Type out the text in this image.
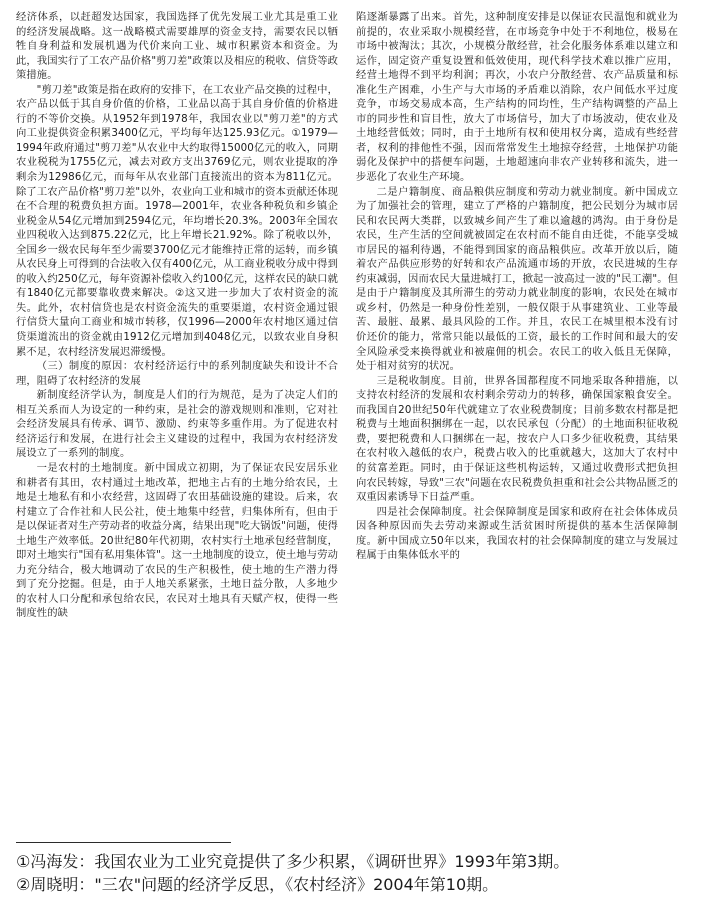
经济体系，以赶超发达国家，我国选择了优先发展工业尤其是重工业的经济发展战略。这一战略模式需要雄厚的资金支持，需要农民以牺牲自身利益和发展机遇为代价来向工业、城市积累资本和资金。为此，我国实行了工农产品价格"剪刀差"政策以及相应的税收、信贷等政策措施。

"剪刀差"政策是指在政府的安排下，在工农业产品交换的过程中，农产品以低于其自身价值的价格，工业品以高于其自身价值的价格进行的不等价交换。从1952年到1978年，我国农业以"剪刀差"的方式向工业提供资金积累3400亿元，平均每年达125.93亿元。①1979—1994年政府通过"剪刀差"从农业中大约取得15000亿元的收入，同期农业税税为1755亿元，减去对政方支出3769亿元，则农业提取的净剩余为12986亿元，而每年从农业部门直接流出的资本为811亿元。除了工农产品价格"剪刀差"以外，农业向工业和城市的资本贡献还体现在不合理的税费负担方面。1978—2001年，农业各种税负和乡镇企业税金从54亿元增加到2594亿元，年均增长20.3%。2003年全国农业四税收入达到875.22亿元，比上年增长21.92%。除了税收以外，全国乡一级农民每年至少需要3700亿元才能维持正常的运转，而乡镇从农民身上可得到的合法收入仅有400亿元，从工商业税收分成中得到的收入约250亿元，每年资源补偿收入约100亿元，这样农民的缺口就有1840亿元都要靠收费来解决。②这又进一步加大了农村资金的流失。此外，农村信贷也是农村资金流失的重要渠道，农村资金通过银行信贷大量向工商业和城市转移，仅1996—2000年农村地区通过信贷渠道流出的资金就由1912亿元增加到4048亿元，以致农业自身积累不足，农村经济发展迟滞缓慢。

（三）制度的原因：农村经济运行中的系列制度缺失和设计不合理，阻碍了农村经济的发展

新制度经济学认为，制度是人们的行为规范，是为了决定人们的相互关系而人为设定的一种约束，是社会的游戏规则和准则，它对社会经济发展具有传承、调节、激励、约束等多重作用。为了促进农村经济运行和发展，在进行社会主义建设的过程中，我国为农村经济发展设立了一系列的制度。

一是农村的土地制度。新中国成立初期，为了保证农民安居乐业和耕者有其田，农村通过土地改革，把地主占有的土地分给农民，土地是土地私有和小农经营，这固碍了农田基础设施的建设。后来，农村建立了合作社和人民公社，使土地集中经营，归集体所有，但由于是以保证者对生产劳动者的收益分离，结果出现"吃大锅饭"问题，使得土地生产效率低。20世纪80年代初期，农村实行土地承包经营制度，即对土地实行"国有私用集体管"。这一土地制度的设立，使土地与劳动力充分结合，极大地调动了农民的生产积极性，使土地的生产潜力得到了充分挖掘。但是，由于人地关系紧张，土地日益分散，人多地少的农村人口分配和承包给农民，农民对土地具有天赋产权，使得一些制度性的缺

陷逐渐暴露了出来。首先，这种制度安排是以保证农民温饱和就业为前提的，农业采取小规模经营，在市场竞争中处于不利地位，极易在市场中被淘汰；其次，小规模分散经营，社会化服务体系难以建立和运作，固定资产重复设置和低效使用，现代科学技术难以推广应用，经营土地得不到平均利润；再次，小农户分散经营、农产品质量和标准化生产困难，小生产与大市场的矛盾难以消除，农户间低水平过度竞争，市场交易成本高，生产结构的同均性，生产结构调整的产品上市的同步性和盲目性，放大了市场信号，加大了市场波动，使农业及土地经营低效；同时，由于土地所有权和使用权分离，造成有些经营者，权利的排他性不强，因而常常发生土地掠夺经营，土地保护功能弱化及保护中的搭便车问题，土地超速向非农产业转移和流失，进一步恶化了农业生产环境。

二是户籍制度、商品粮供应制度和劳动力就业制度。新中国成立为了加强社会的管理，建立了严格的户籍制度，把公民划分为城市居民和农民两大类群，以致城乡间产生了难以逾越的鸿沟。由于身份是农民，生产生活的空间就被固定在农村而不能自由迁徙，不能享受城市居民的福利待遇，不能得到国家的商品粮供应。改革开放以后，随着农产品供应形势的好转和农产品流通市场的开放，农民进城的生存约束减弱，因而农民大量进城打工，掀起一波高过一波的"民工潮"。但是由于户籍制度及其所滞生的劳动力就业制度的影响，农民处在城市或乡村，仍然是一种身份性差别，一般仅限于从事建筑业、工业等最苦、最脏、最累、最具风险的工作。并且，农民工在城里根本没有讨价还价的能力，常常只能以最低的工资，最长的工作时间和最大的安全风险承受来换得就业和被雇佣的机会。农民工的收入低且无保障，处于相对贫穷的状况。

三是税收制度。目前，世界各国都程度不同地采取各种措施，以支持农村经济的发展和农村剩余劳动力的转移，确保国家粮食安全。而我国自20世纪50年代就建立了农业税费制度；目前多数农村都是把税费与土地面积捆绑在一起，以农民承包（分配）的土地面积征收税费，要把税费和人口捆绑在一起，按农户人口多少征收税费，其结果在农村收入越低的农户，税费占收入的比重就越大，这加大了农村中的贫富差距。同时，由于保证这些机构运转，又通过收费形式把负担向农民转嫁，导致"三农"问题在农民税费负担重和社会公共物品匮乏的双重因素诱导下日益严重。

四是社会保障制度。社会保障制度是国家和政府在社会体体成员因各种原因而失去劳动来源或生活贫困时所提供的基本生活保障制度。新中国成立50年以来，我国农村的社会保障制度的建立与发展过程属于由集体低水平的

①冯海发：我国农业为工业究竟提供了多少积累，《调研世界》1993年第3期。
②周晓明："三农"问题的经济学反思，《农村经济》2004年第10期。
